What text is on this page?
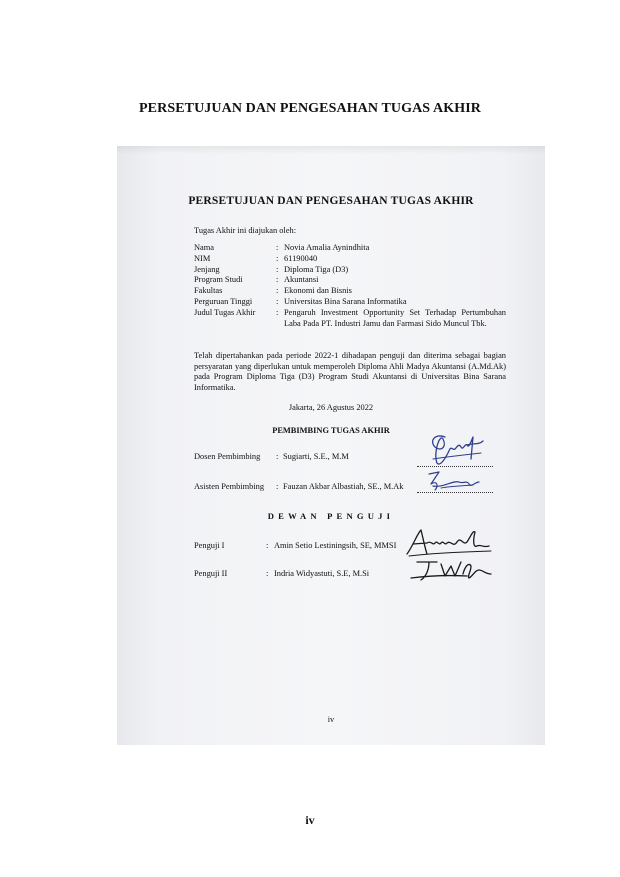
PERSETUJUAN DAN PENGESAHAN TUGAS AKHIR
PERSETUJUAN DAN PENGESAHAN TUGAS AKHIR
Tugas Akhir ini diajukan oleh:
Nama	: Novia Amalia Aynindhita
NIM	: 61190040
Jenjang	: Diploma Tiga (D3)
Program Studi	: Akuntansi
Fakultas	: Ekonomi dan Bisnis
Perguruan Tinggi	: Universitas Bina Sarana Informatika
Judul Tugas Akhir	: Pengaruh Investment Opportunity Set Terhadap Pertumbuhan Laba Pada PT. Industri Jamu dan Farmasi Sido Muncul Tbk.
Telah dipertahankan pada periode 2022-1 dihadapan penguji dan diterima sebagai bagian persyaratan yang diperlukan untuk memperoleh Diploma Ahli Madya Akuntansi (A.Md.Ak) pada Program Diploma Tiga (D3) Program Studi Akuntansi di Universitas Bina Sarana Informatika.
Jakarta, 26 Agustus 2022
PEMBIMBING TUGAS AKHIR
Dosen Pembimbing	: Sugiarti, S.E., M.M
Asisten Pembimbing	: Fauzan Akbar Albastiah, SE., M.Ak
DEWAN PENGUJI
Penguji I	: Amin Setio Lestiningsih, SE, MMSI
Penguji II	: Indria Widyastuti, S.E, M.Si
iv
iv
